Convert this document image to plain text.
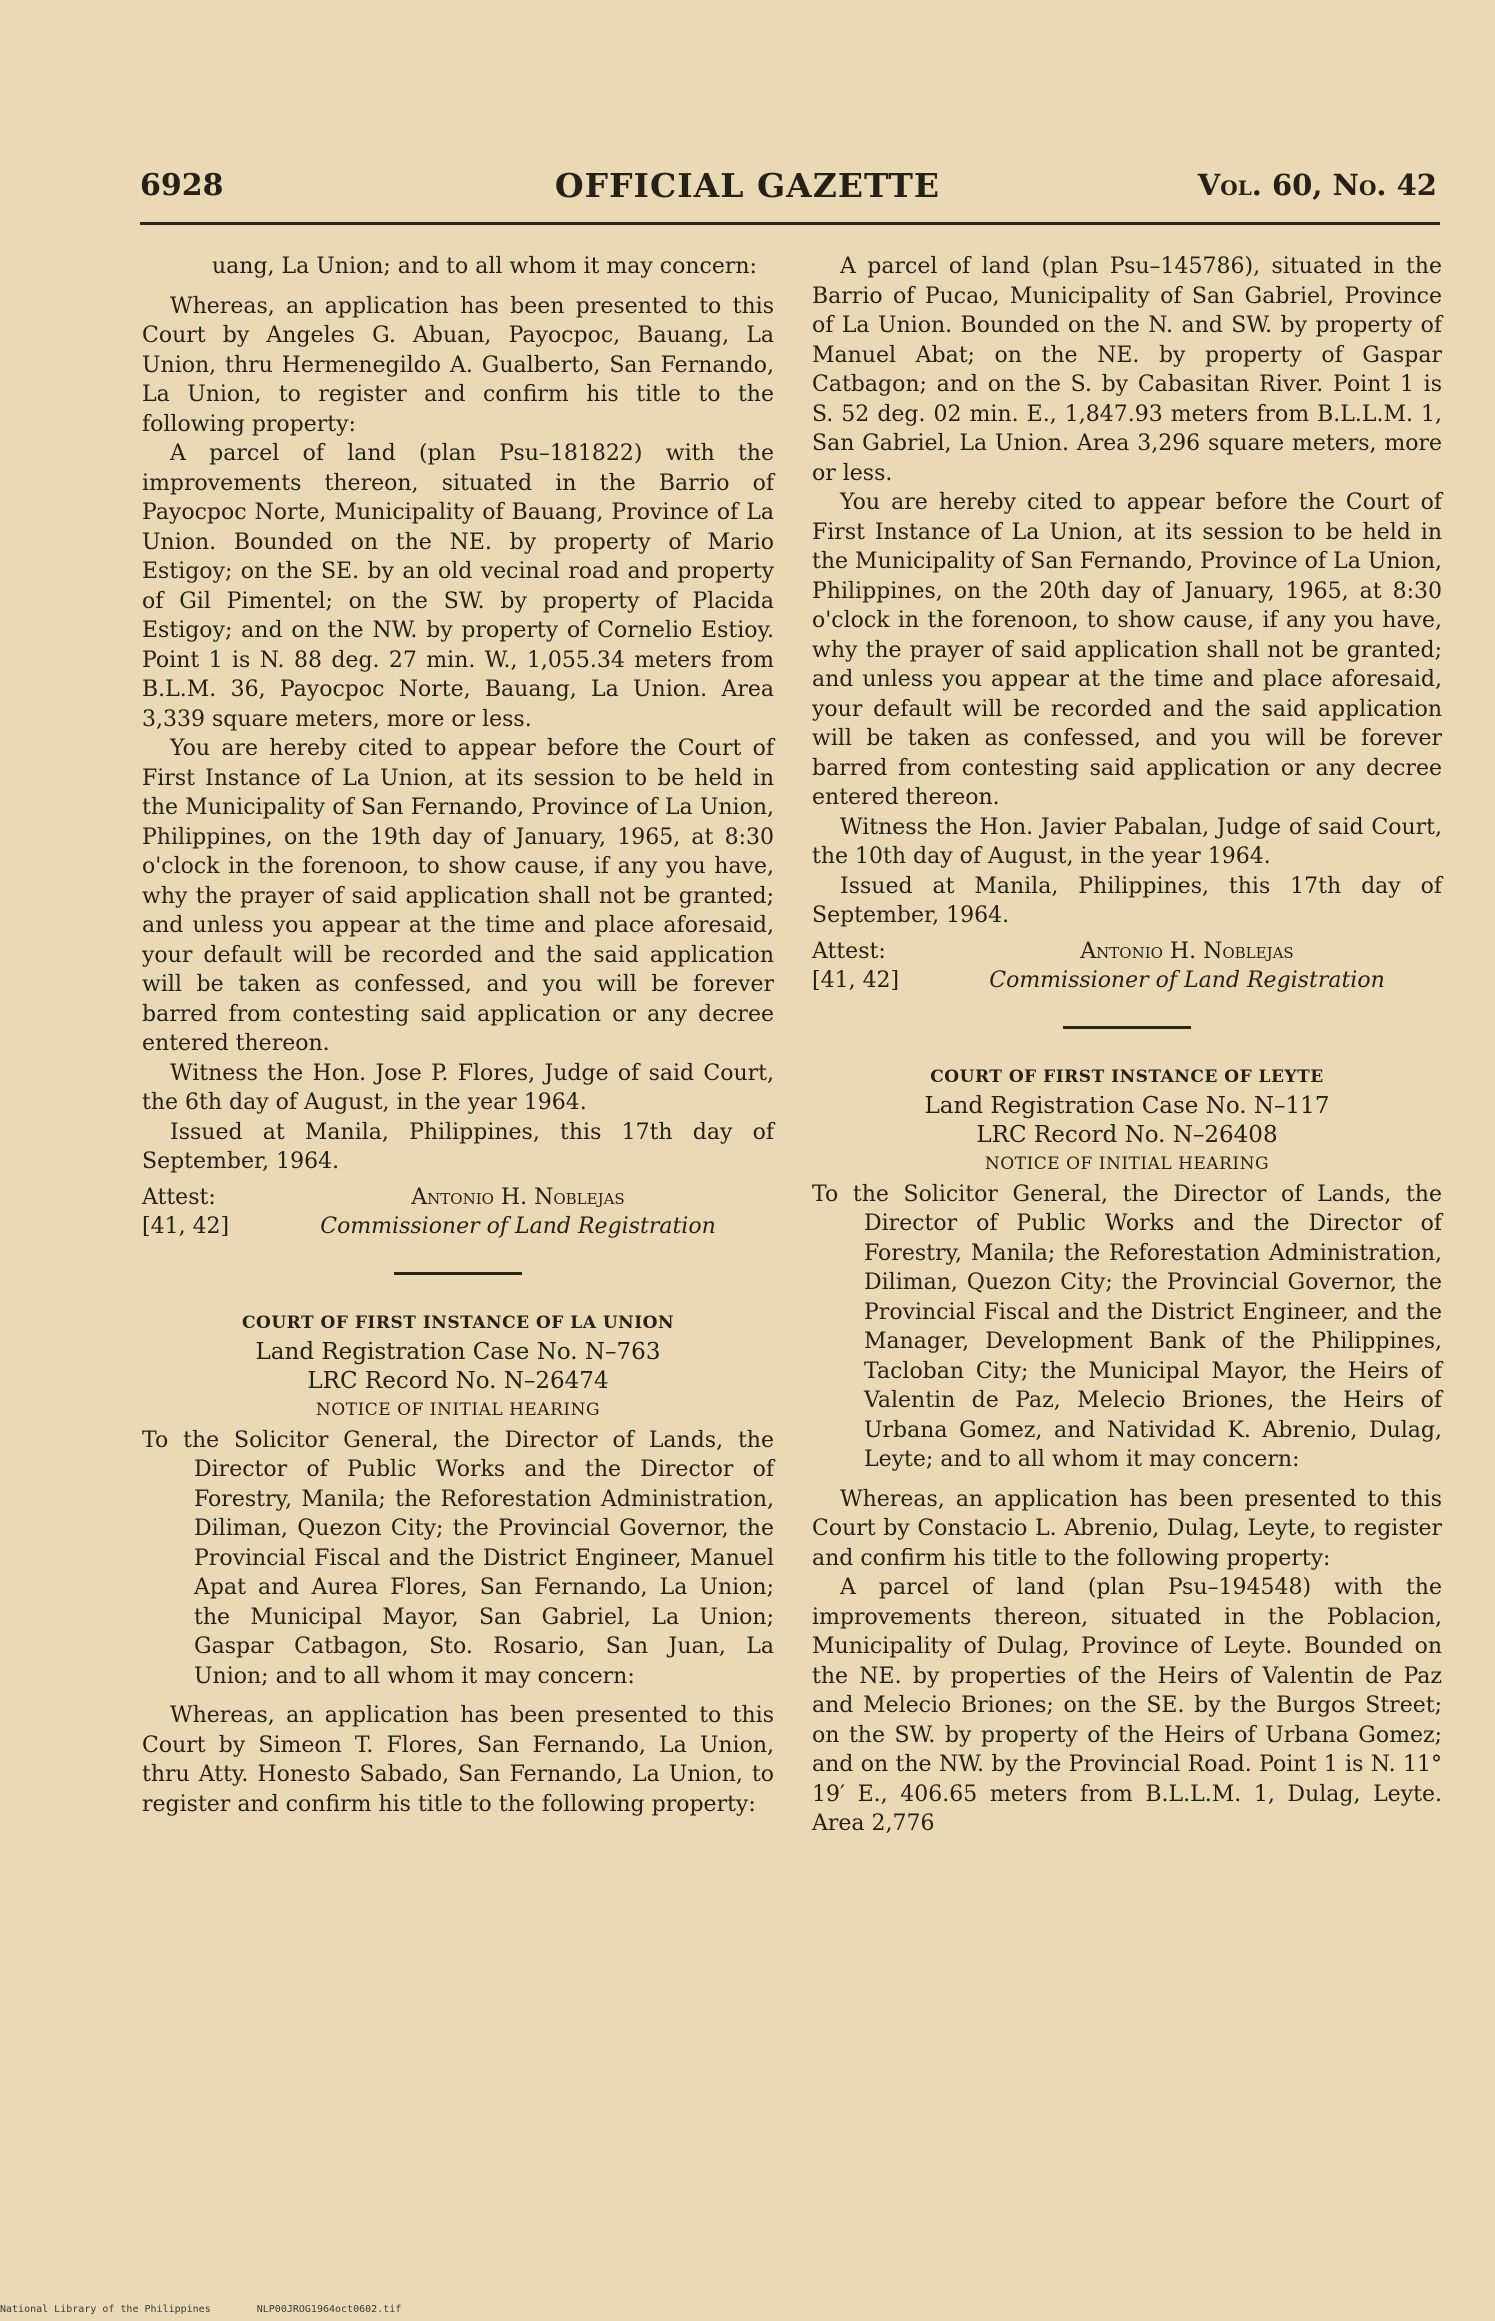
6928	OFFICIAL GAZETTE	Vol. 60, No. 42

uang, La Union; and to all whom it may concern:

Whereas, an application has been presented to this Court by Angeles G. Abuan, Payocpoc, Bauang, La Union, thru Hermenegildo A. Gualberto, San Fernando, La Union, to register and confirm his title to the following property:

A parcel of land (plan Psu–181822) with the improvements thereon, situated in the Barrio of Payocpoc Norte, Municipality of Bauang, Province of La Union. Bounded on the NE. by property of Mario Estigoy; on the SE. by an old vecinal road and property of Gil Pimentel; on the SW. by property of Placida Estigoy; and on the NW. by property of Cornelio Estioy. Point 1 is N. 88 deg. 27 min. W., 1,055.34 meters from B.L.M. 36, Payocpoc Norte, Bauang, La Union. Area 3,339 square meters, more or less.

You are hereby cited to appear before the Court of First Instance of La Union, at its session to be held in the Municipality of San Fernando, Province of La Union, Philippines, on the 19th day of January, 1965, at 8:30 o'clock in the forenoon, to show cause, if any you have, why the prayer of said application shall not be granted; and unless you appear at the time and place aforesaid, your default will be recorded and the said application will be taken as confessed, and you will be forever barred from contesting said application or any decree entered thereon.

Witness the Hon. Jose P. Flores, Judge of said Court, the 6th day of August, in the year 1964.

Issued at Manila, Philippines, this 17th day of September, 1964.

Attest:	Antonio H. Noblejas
[41, 42]	Commissioner of Land Registration

COURT OF FIRST INSTANCE OF LA UNION

Land Registration Case No. N–763

LRC Record No. N–26474

NOTICE OF INITIAL HEARING

To the Solicitor General, the Director of Lands, the Director of Public Works and the Director of Forestry, Manila; the Reforestation Administration, Diliman, Quezon City; the Provincial Governor, the Provincial Fiscal and the District Engineer, Manuel Apat and Aurea Flores, San Fernando, La Union; the Municipal Mayor, San Gabriel, La Union; Gaspar Catbagon, Sto. Rosario, San Juan, La Union; and to all whom it may concern:

Whereas, an application has been presented to this Court by Simeon T. Flores, San Fernando, La Union, thru Atty. Honesto Sabado, San Fernando, La Union, to register and confirm his title to the following property:

A parcel of land (plan Psu–145786), situated in the Barrio of Pucao, Municipality of San Gabriel, Province of La Union. Bounded on the N. and SW. by property of Manuel Abat; on the NE. by property of Gaspar Catbagon; and on the S. by Cabasitan River. Point 1 is S. 52 deg. 02 min. E., 1,847.93 meters from B.L.L.M. 1, San Gabriel, La Union. Area 3,296 square meters, more or less.

You are hereby cited to appear before the Court of First Instance of La Union, at its session to be held in the Municipality of San Fernando, Province of La Union, Philippines, on the 20th day of January, 1965, at 8:30 o'clock in the forenoon, to show cause, if any you have, why the prayer of said application shall not be granted; and unless you appear at the time and place aforesaid, your default will be recorded and the said application will be taken as confessed, and you will be forever barred from contesting said application or any decree entered thereon.

Witness the Hon. Javier Pabalan, Judge of said Court, the 10th day of August, in the year 1964.

Issued at Manila, Philippines, this 17th day of September, 1964.

Attest:	Antonio H. Noblejas
[41, 42]	Commissioner of Land Registration

COURT OF FIRST INSTANCE OF LEYTE

Land Registration Case No. N–117

LRC Record No. N–26408

NOTICE OF INITIAL HEARING

To the Solicitor General, the Director of Lands, the Director of Public Works and the Director of Forestry, Manila; the Reforestation Administration, Diliman, Quezon City; the Provincial Governor, the Provincial Fiscal and the District Engineer, and the Manager, Development Bank of the Philippines, Tacloban City; the Municipal Mayor, the Heirs of Valentin de Paz, Melecio Briones, the Heirs of Urbana Gomez, and Natividad K. Abrenio, Dulag, Leyte; and to all whom it may concern:

Whereas, an application has been presented to this Court by Constacio L. Abrenio, Dulag, Leyte, to register and confirm his title to the following property:

A parcel of land (plan Psu–194548) with the improvements thereon, situated in the Poblacion, Municipality of Dulag, Province of Leyte. Bounded on the NE. by properties of the Heirs of Valentin de Paz and Melecio Briones; on the SE. by the Burgos Street; on the SW. by property of the Heirs of Urbana Gomez; and on the NW. by the Provincial Road. Point 1 is N. 11° 19′ E., 406.65 meters from B.L.L.M. 1, Dulag, Leyte. Area 2,776

National Library of the Philippines	NLP00JROG1964oct0602.tif
